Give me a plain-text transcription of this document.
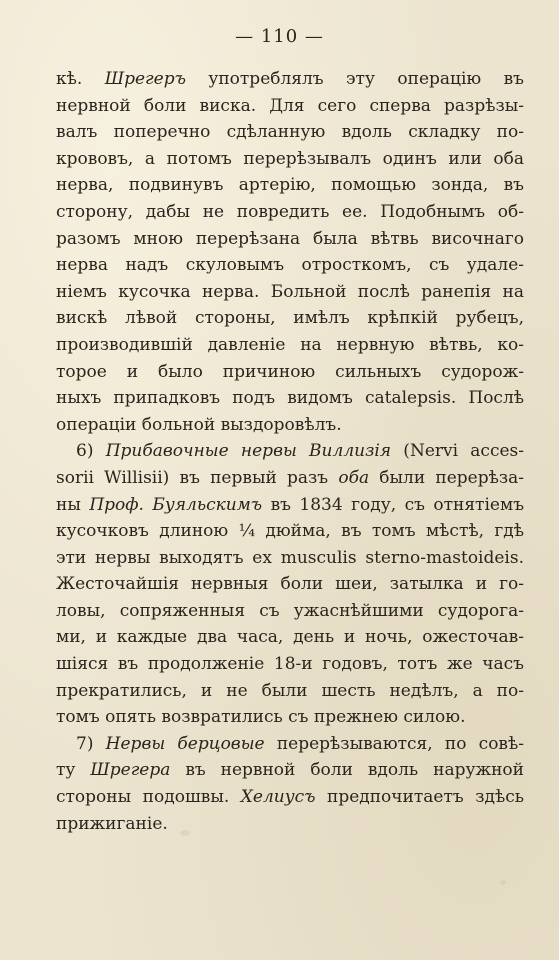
— 110 —
кѣ. Шрегеръ употреблялъ эту операцію въ
нервной боли виска. Для сего сперва разрѣзы-
валъ поперечно сдѣланную вдоль складку по-
крововъ, а потомъ перерѣзывалъ одинъ или оба
нерва, подвинувъ артерію, помощью зонда, въ
сторону, дабы не повредить ее. Подобнымъ об-
разомъ мною перерѣзана была вѣтвь височнаго
нерва надъ скуловымъ отросткомъ, съ удале-
ніемъ кусочка нерва. Больной послѣ ранепія на
вискѣ лѣвой стороны, имѣлъ крѣпкій рубецъ,
производившій давленіе на нервную вѣтвь, ко-
торое и было причиною сильныхъ судорож-
ныхъ припадковъ подъ видомъ catalepsis. Послѣ
операціи больной выздоровѣлъ.
6) Прибавочные нервы Виллизія (Nervi acces-
sorii Willisii) въ первый разъ оба были перерѣза-
ны Проф. Буяльскимъ въ 1834 году, съ отнятіемъ
кусочковъ длиною ¼ дюйма, въ томъ мѣстѣ, гдѣ
эти нервы выходятъ ex musculis sterno-mastoideis.
Жесточайшія нервныя боли шеи, затылка и го-
ловы, сопряженныя съ ужаснѣйшими судорога-
ми, и каждые два часа, день и ночь, ожесточав-
шіяся въ продолженіе 18-и годовъ, тотъ же часъ
прекратились, и не были шесть недѣлъ, а по-
томъ опять возвратились съ прежнею силою.
7) Нервы берцовые перерѣзываются, по совѣ-
ту Шрегера въ нервной боли вдоль наружной
стороны подошвы. Хелиусъ предпочитаетъ здѣсь
прижиганіе.
